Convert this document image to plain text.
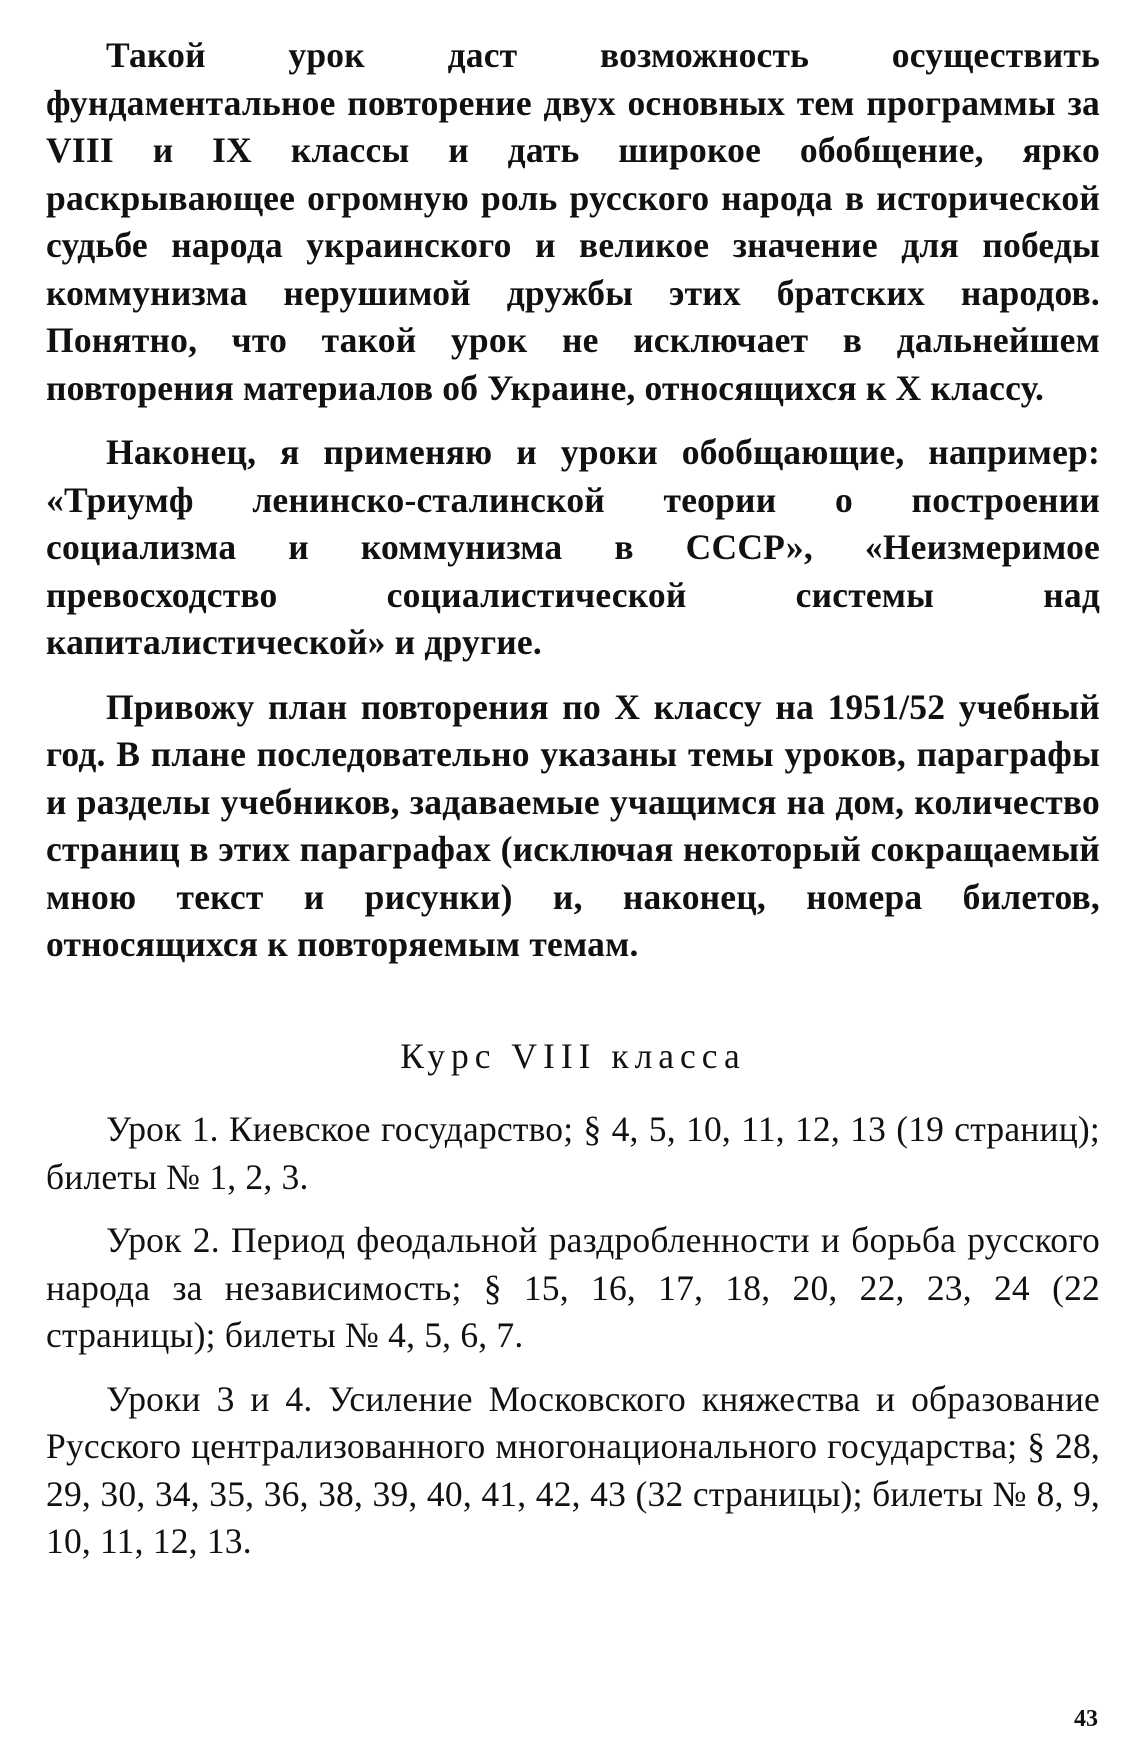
Такой урок даст возможность осуществить фундаментальное повторение двух основных тем программы за VIII и IX классы и дать широкое обобщение, ярко раскрывающее огромную роль русского народа в исторической судьбе народа украинского и великое значение для победы коммунизма нерушимой дружбы этих братских народов. Понятно, что такой урок не исключает в дальнейшем повторения материалов об Украине, относящихся к X классу.

Наконец, я применяю и уроки обобщающие, например: «Триумф ленинско-сталинской теории о построении социализма и коммунизма в СССР», «Неизмеримое превосходство социалистической системы над капиталистической» и другие.

Привожу план повторения по X классу на 1951/52 учебный год. В плане последовательно указаны темы уроков, параграфы и разделы учебников, задаваемые учащимся на дом, количество страниц в этих параграфах (исключая некоторый сокращаемый мною текст и рисунки) и, наконец, номера билетов, относящихся к повторяемым темам.

Курс VIII класса

Урок 1. Киевское государство; § 4, 5, 10, 11, 12, 13 (19 страниц); билеты № 1, 2, 3.

Урок 2. Период феодальной раздробленности и борьба русского народа за независимость; § 15, 16, 17, 18, 20, 22, 23, 24 (22 страницы); билеты № 4, 5, 6, 7.

Уроки 3 и 4. Усиление Московского княжества и образование Русского централизованного многонационального государства; § 28, 29, 30, 34, 35, 36, 38, 39, 40, 41, 42, 43 (32 страницы); билеты № 8, 9, 10, 11, 12, 13.

43
